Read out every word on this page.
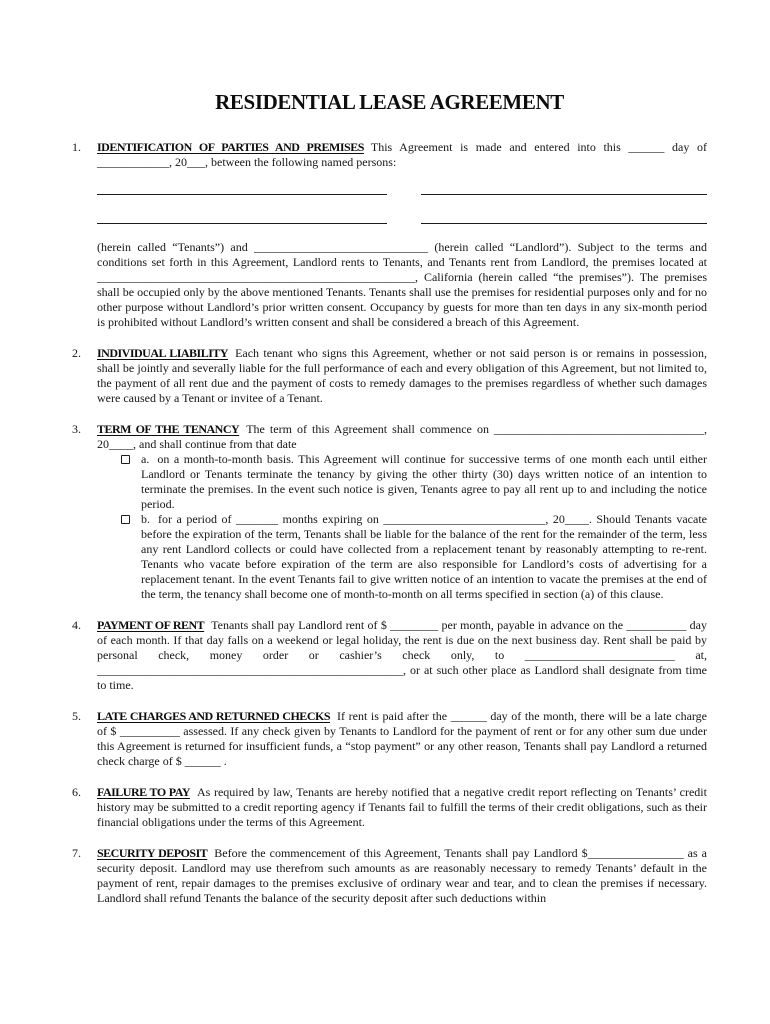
RESIDENTIAL LEASE AGREEMENT
1.	IDENTIFICATION OF PARTIES AND PREMISES This Agreement is made and entered into this ______ day of ____________, 20___, between the following named persons:

(herein called “Tenants”) and _____________________________ (herein called “Landlord”). Subject to the terms and conditions set forth in this Agreement, Landlord rents to Tenants, and Tenants rent from Landlord, the premises located at _____________________________________________________, California (herein called “the premises”). The premises shall be occupied only by the above mentioned Tenants. Tenants shall use the premises for residential purposes only and for no other purpose without Landlord’s prior written consent. Occupancy by guests for more than ten days in any six-month period is prohibited without Landlord’s written consent and shall be considered a breach of this Agreement.

2.	INDIVIDUAL LIABILITY Each tenant who signs this Agreement, whether or not said person is or remains in possession, shall be jointly and severally liable for the full performance of each and every obligation of this Agreement, but not limited to, the payment of all rent due and the payment of costs to remedy damages to the premises regardless of whether such damages were caused by a Tenant or invitee of a Tenant.

3.	TERM OF THE TENANCY The term of this Agreement shall commence on ___________________________________, 20____, and shall continue from that date

a. on a month-to-month basis. This Agreement will continue for successive terms of one month each until either Landlord or Tenants terminate the tenancy by giving the other thirty (30) days written notice of an intention to terminate the premises. In the event such notice is given, Tenants agree to pay all rent up to and including the notice period.

b. for a period of _______ months expiring on ___________________________, 20____. Should Tenants vacate before the expiration of the term, Tenants shall be liable for the balance of the rent for the remainder of the term, less any rent Landlord collects or could have collected from a replacement tenant by reasonably attempting to re-rent. Tenants who vacate before expiration of the term are also responsible for Landlord’s costs of advertising for a replacement tenant. In the event Tenants fail to give written notice of an intention to vacate the premises at the end of the term, the tenancy shall become one of month-to-month on all terms specified in section (a) of this clause.

4.	PAYMENT OF RENT Tenants shall pay Landlord rent of $ ________ per month, payable in advance on the __________ day of each month. If that day falls on a weekend or legal holiday, the rent is due on the next business day. Rent shall be paid by personal check, money order or cashier’s check only, to _________________________ at, ___________________________________________________, or at such other place as Landlord shall designate from time to time.

5.	LATE CHARGES AND RETURNED CHECKS If rent is paid after the ______ day of the month, there will be a late charge of $ __________ assessed. If any check given by Tenants to Landlord for the payment of rent or for any other sum due under this Agreement is returned for insufficient funds, a “stop payment” or any other reason, Tenants shall pay Landlord a returned check charge of $ ______ .

6.	FAILURE TO PAY As required by law, Tenants are hereby notified that a negative credit report reflecting on Tenants’ credit history may be submitted to a credit reporting agency if Tenants fail to fulfill the terms of their credit obligations, such as their financial obligations under the terms of this Agreement.

7.	SECURITY DEPOSIT Before the commencement of this Agreement, Tenants shall pay Landlord $________________ as a security deposit. Landlord may use therefrom such amounts as are reasonably necessary to remedy Tenants’ default in the payment of rent, repair damages to the premises exclusive of ordinary wear and tear, and to clean the premises if necessary. Landlord shall refund Tenants the balance of the security deposit after such deductions within
